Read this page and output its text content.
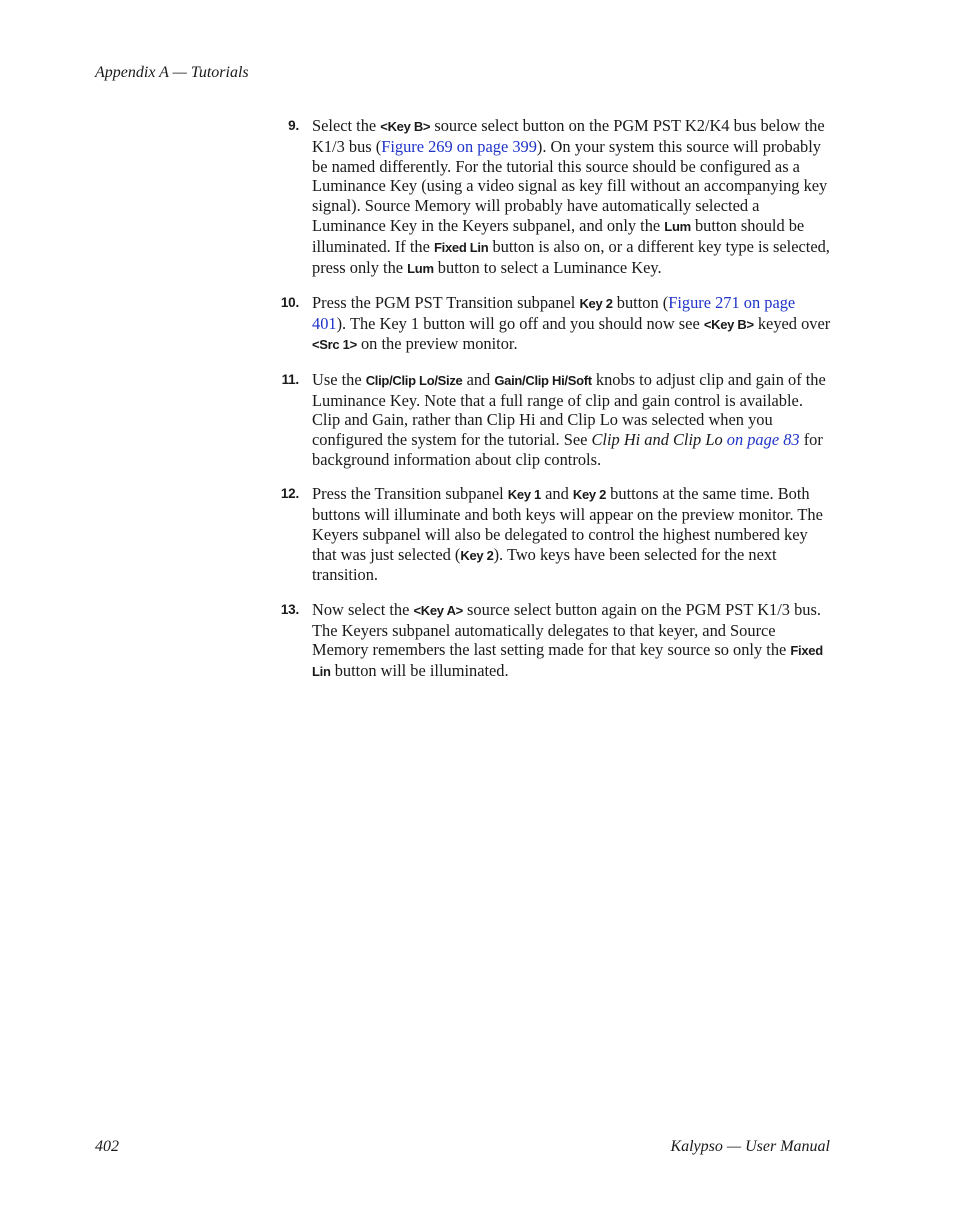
Appendix A — Tutorials
9. Select the <Key B> source select button on the PGM PST K2/K4 bus below the K1/3 bus (Figure 269 on page 399). On your system this source will probably be named differently. For the tutorial this source should be configured as a Luminance Key (using a video signal as key fill without an accompanying key signal). Source Memory will probably have automatically selected a Luminance Key in the Keyers subpanel, and only the Lum button should be illuminated. If the Fixed Lin button is also on, or a different key type is selected, press only the Lum button to select a Luminance Key.
10. Press the PGM PST Transition subpanel Key 2 button (Figure 271 on page 401). The Key 1 button will go off and you should now see <Key B> keyed over <Src 1> on the preview monitor.
11. Use the Clip/Clip Lo/Size and Gain/Clip Hi/Soft knobs to adjust clip and gain of the Luminance Key. Note that a full range of clip and gain control is available. Clip and Gain, rather than Clip Hi and Clip Lo was selected when you configured the system for the tutorial. See Clip Hi and Clip Lo on page 83 for background information about clip controls.
12. Press the Transition subpanel Key 1 and Key 2 buttons at the same time. Both buttons will illuminate and both keys will appear on the preview monitor. The Keyers subpanel will also be delegated to control the highest numbered key that was just selected (Key 2). Two keys have been selected for the next transition.
13. Now select the <Key A> source select button again on the PGM PST K1/3 bus. The Keyers subpanel automatically delegates to that keyer, and Source Memory remembers the last setting made for that key source so only the Fixed Lin button will be illuminated.
402	Kalypso — User Manual
